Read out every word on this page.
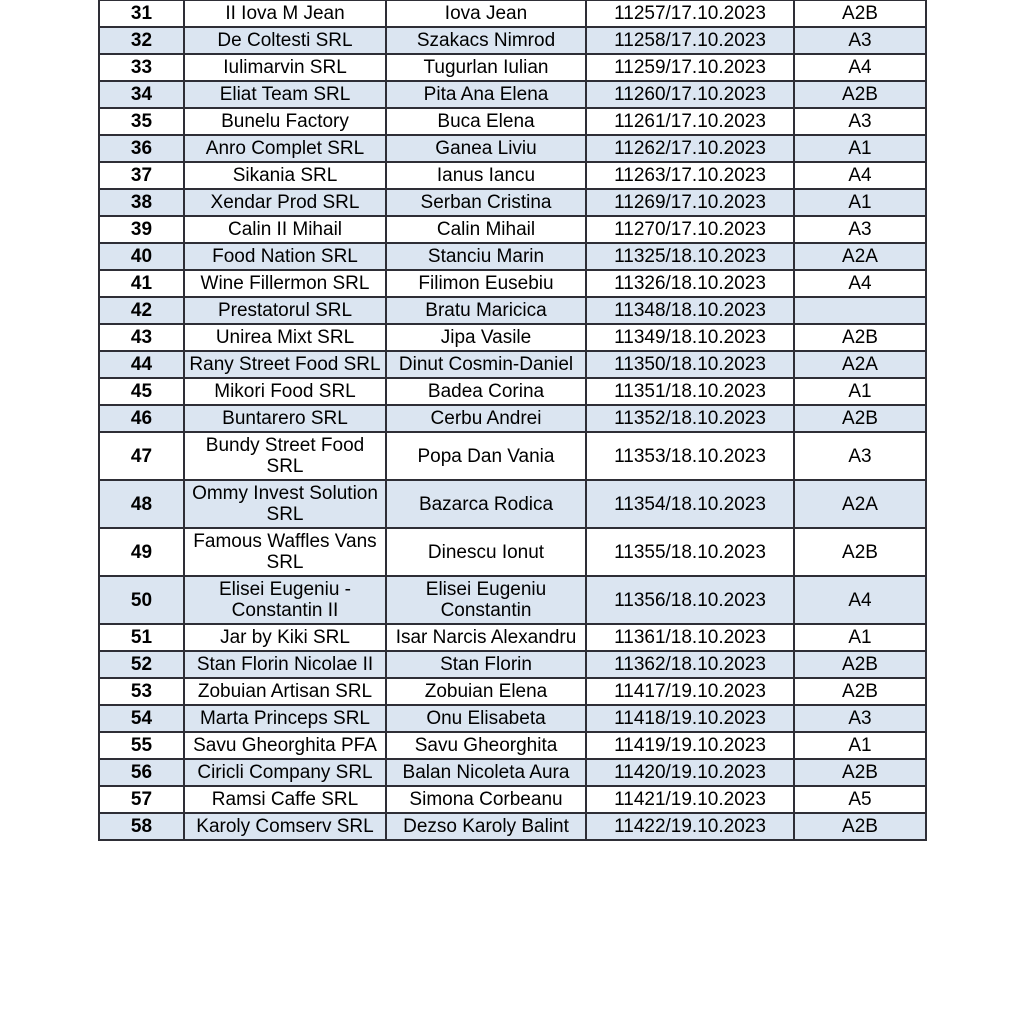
31	II Iova M Jean	Iova Jean	11257/17.10.2023	A2B
32	De Coltesti SRL	Szakacs Nimrod	11258/17.10.2023	A3
33	Iulimarvin SRL	Tugurlan Iulian	11259/17.10.2023	A4
34	Eliat Team SRL	Pita Ana Elena	11260/17.10.2023	A2B
35	Bunelu Factory	Buca Elena	11261/17.10.2023	A3
36	Anro Complet SRL	Ganea Liviu	11262/17.10.2023	A1
37	Sikania SRL	Ianus Iancu	11263/17.10.2023	A4
38	Xendar Prod SRL	Serban Cristina	11269/17.10.2023	A1
39	Calin II Mihail	Calin Mihail	11270/17.10.2023	A3
40	Food Nation SRL	Stanciu Marin	11325/18.10.2023	A2A
41	Wine Fillermon SRL	Filimon Eusebiu	11326/18.10.2023	A4
42	Prestatorul SRL	Bratu Maricica	11348/18.10.2023	
43	Unirea Mixt SRL	Jipa Vasile	11349/18.10.2023	A2B
44	Rany Street Food SRL	Dinut Cosmin-Daniel	11350/18.10.2023	A2A
45	Mikori Food SRL	Badea Corina	11351/18.10.2023	A1
46	Buntarero SRL	Cerbu Andrei	11352/18.10.2023	A2B
47	Bundy Street Food SRL	Popa Dan Vania	11353/18.10.2023	A3
48	Ommy Invest Solution SRL	Bazarca Rodica	11354/18.10.2023	A2A
49	Famous Waffles Vans SRL	Dinescu Ionut	11355/18.10.2023	A2B
50	Elisei Eugeniu - Constantin II	Elisei Eugeniu Constantin	11356/18.10.2023	A4
51	Jar by Kiki SRL	Isar Narcis Alexandru	11361/18.10.2023	A1
52	Stan Florin Nicolae II	Stan Florin	11362/18.10.2023	A2B
53	Zobuian Artisan SRL	Zobuian Elena	11417/19.10.2023	A2B
54	Marta Princeps SRL	Onu Elisabeta	11418/19.10.2023	A3
55	Savu Gheorghita PFA	Savu Gheorghita	11419/19.10.2023	A1
56	Ciricli Company SRL	Balan Nicoleta Aura	11420/19.10.2023	A2B
57	Ramsi Caffe SRL	Simona Corbeanu	11421/19.10.2023	A5
58	Karoly Comserv SRL	Dezso Karoly Balint	11422/19.10.2023	A2B
